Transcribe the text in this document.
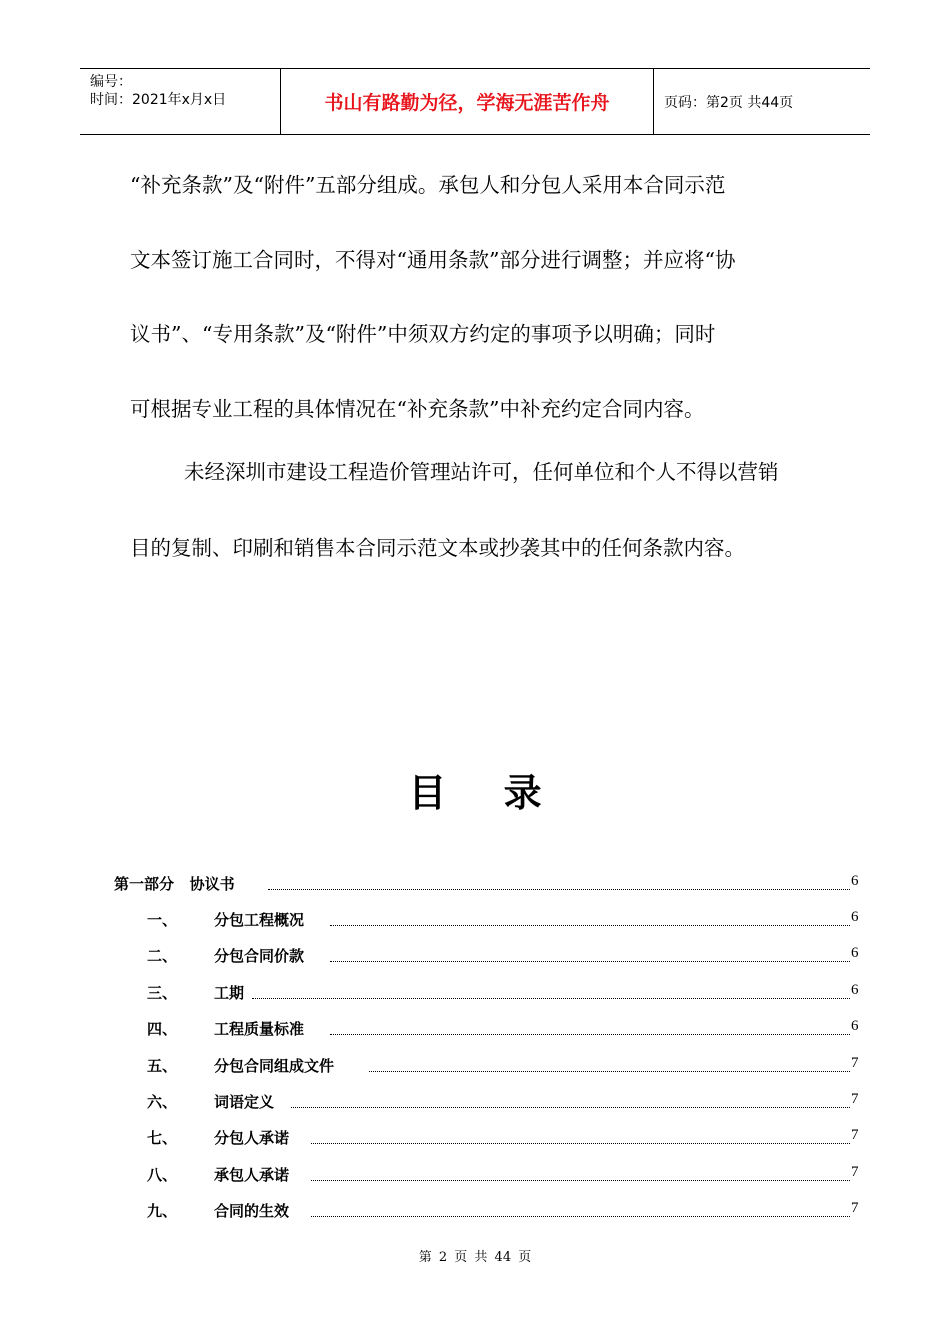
编号：
时间：2021年x月x日	书山有路勤为径，学海无涯苦作舟	页码：第2页 共44页
“补充条款”及“附件”五部分组成。承包人和分包人采用本合同示范
文本签订施工合同时，不得对“通用条款”部分进行调整；并应将“协
议书”、“专用条款”及“附件”中须双方约定的事项予以明确；同时
可根据专业工程的具体情况在“补充条款”中补充约定合同内容。
未经深圳市建设工程造价管理站许可，任何单位和个人不得以营销
目的复制、印刷和销售本合同示范文本或抄袭其中的任何条款内容。
目 录
第一部分   协议书	6
一、 分包工程概况	6
二、 分包合同价款	6
三、 工期	6
四、 工程质量标准	6
五、 分包合同组成文件	7
六、 词语定义	7
七、 分包人承诺	7
八、 承包人承诺	7
九、 合同的生效	7
第 2 页 共 44 页
